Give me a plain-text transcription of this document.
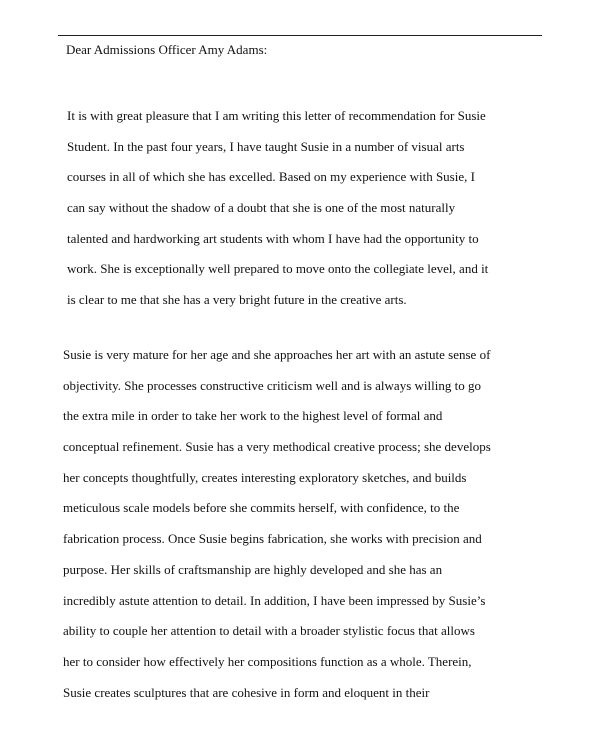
Dear Admissions Officer Amy Adams:
It is with great pleasure that I am writing this letter of recommendation for Susie
Student. In the past four years, I have taught Susie in a number of visual arts
courses in all of which she has excelled. Based on my experience with Susie, I
can say without the shadow of a doubt that she is one of the most naturally
talented and hardworking art students with whom I have had the opportunity to
work. She is exceptionally well prepared to move onto the collegiate level, and it
is clear to me that she has a very bright future in the creative arts.
Susie is very mature for her age and she approaches her art with an astute sense of
objectivity. She processes constructive criticism well and is always willing to go
the extra mile in order to take her work to the highest level of formal and
conceptual refinement. Susie has a very methodical creative process; she develops
her concepts thoughtfully, creates interesting exploratory sketches, and builds
meticulous scale models before she commits herself, with confidence, to the
fabrication process. Once Susie begins fabrication, she works with precision and
purpose. Her skills of craftsmanship are highly developed and she has an
incredibly astute attention to detail. In addition, I have been impressed by Susie’s
ability to couple her attention to detail with a broader stylistic focus that allows
her to consider how effectively her compositions function as a whole. Therein,
Susie creates sculptures that are cohesive in form and eloquent in their
